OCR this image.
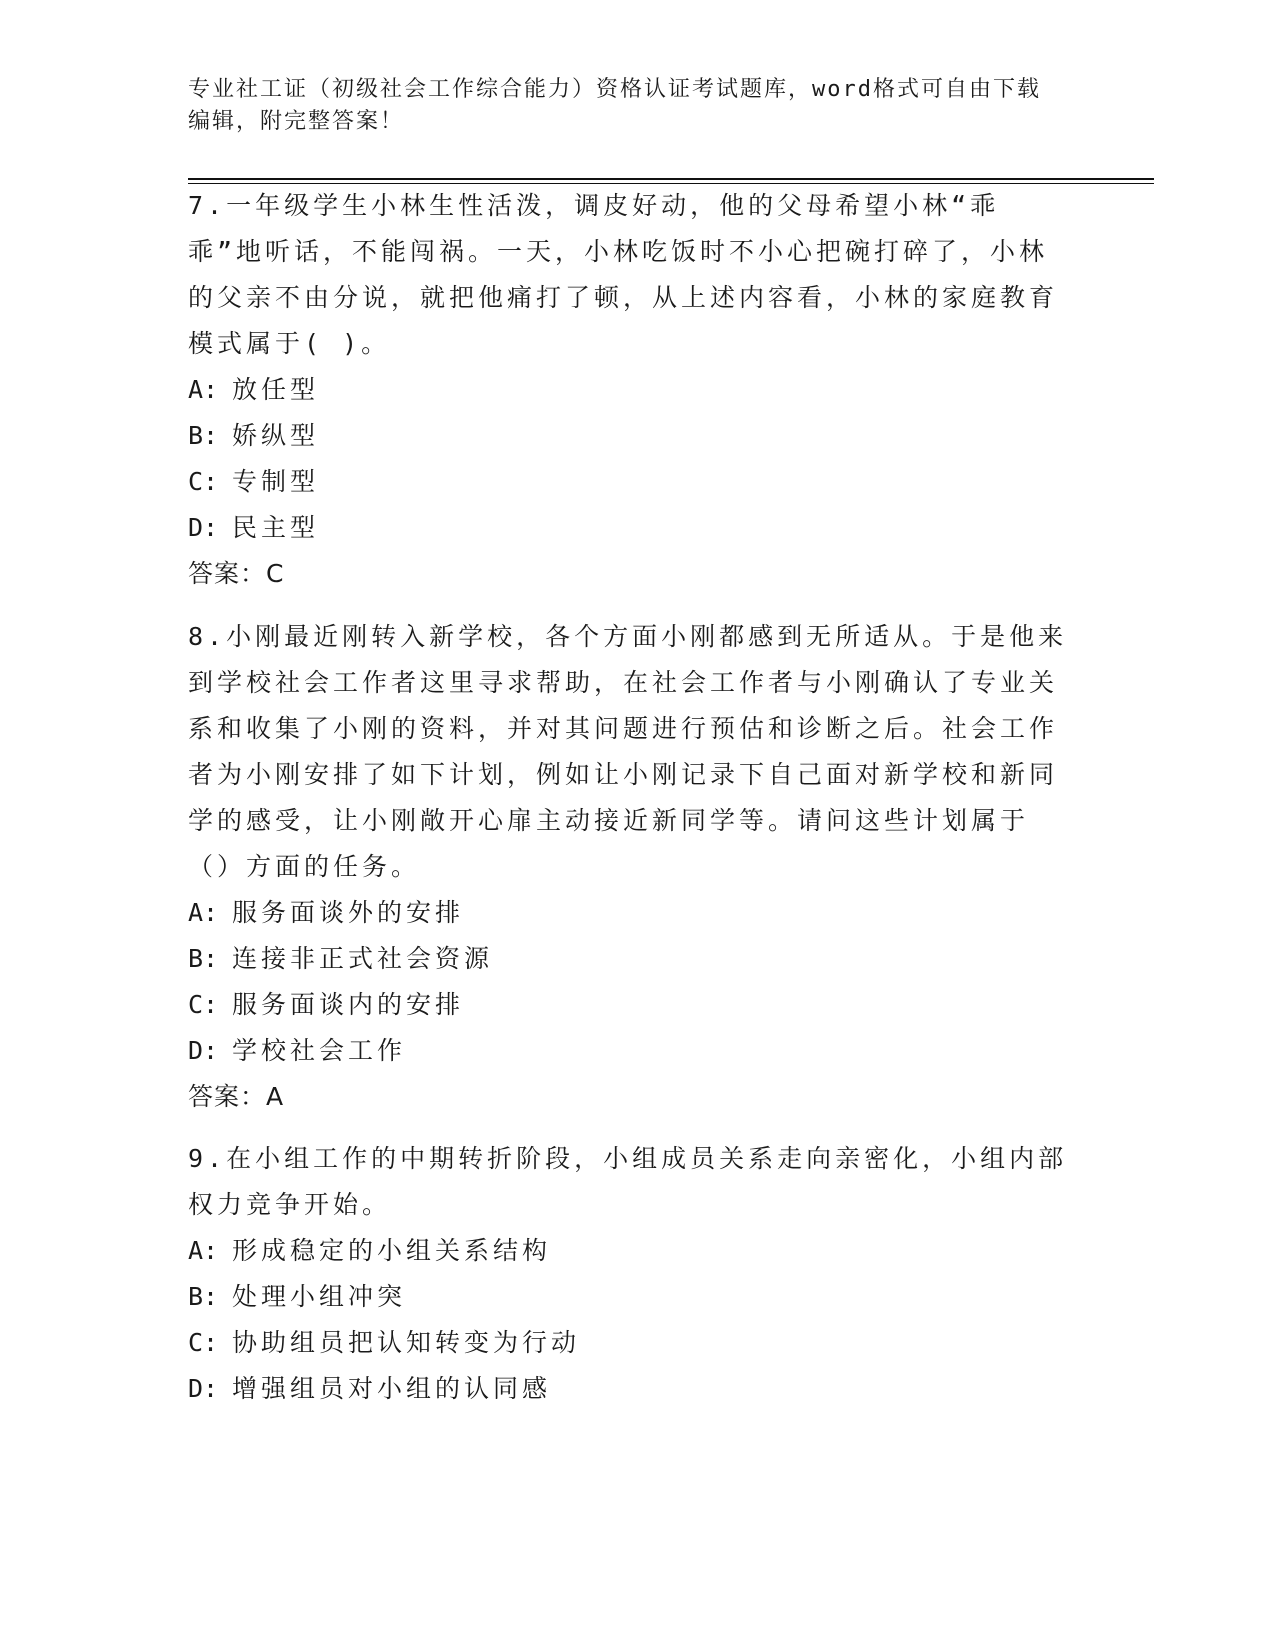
专业社工证（初级社会工作综合能力）资格认证考试题库，word格式可自由下载
编辑，附完整答案！

7.一年级学生小林生性活泼，调皮好动，他的父母希望小林“乖乖”地听话，不能闯祸。一天，小林吃饭时不小心把碗打碎了，小林的父亲不由分说，就把他痛打了顿，从上述内容看，小林的家庭教育模式属于( )。

A: 放任型

B: 娇纵型

C: 专制型

D: 民主型

答案：C

8.小刚最近刚转入新学校，各个方面小刚都感到无所适从。于是他来到学校社会工作者这里寻求帮助，在社会工作者与小刚确认了专业关系和收集了小刚的资料，并对其问题进行预估和诊断之后。社会工作者为小刚安排了如下计划，例如让小刚记录下自己面对新学校和新同学的感受，让小刚敞开心扉主动接近新同学等。请问这些计划属于（）方面的任务。

A: 服务面谈外的安排

B: 连接非正式社会资源

C: 服务面谈内的安排

D: 学校社会工作

答案：A

9.在小组工作的中期转折阶段，小组成员关系走向亲密化，小组内部权力竞争开始。

A: 形成稳定的小组关系结构

B: 处理小组冲突

C: 协助组员把认知转变为行动

D: 增强组员对小组的认同感
